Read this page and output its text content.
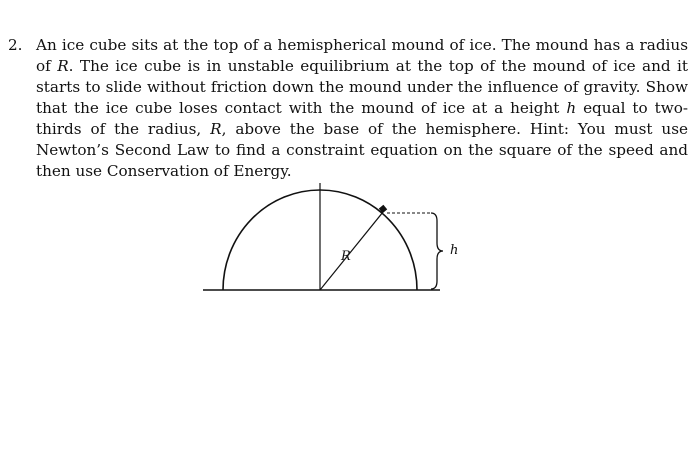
2. An ice cube sits at the top of a hemispherical mound of ice. The mound has a radius of R. The ice cube is in unstable equilibrium at the top of the mound of ice and it starts to slide without friction down the mound under the influence of gravity. Show that the ice cube loses contact with the mound of ice at a height h equal to two-thirds of the radius, R, above the base of the hemisphere. Hint: You must use Newton’s Second Law to find a constraint equation on the square of the speed and then use Conservation of Energy.
R	h
